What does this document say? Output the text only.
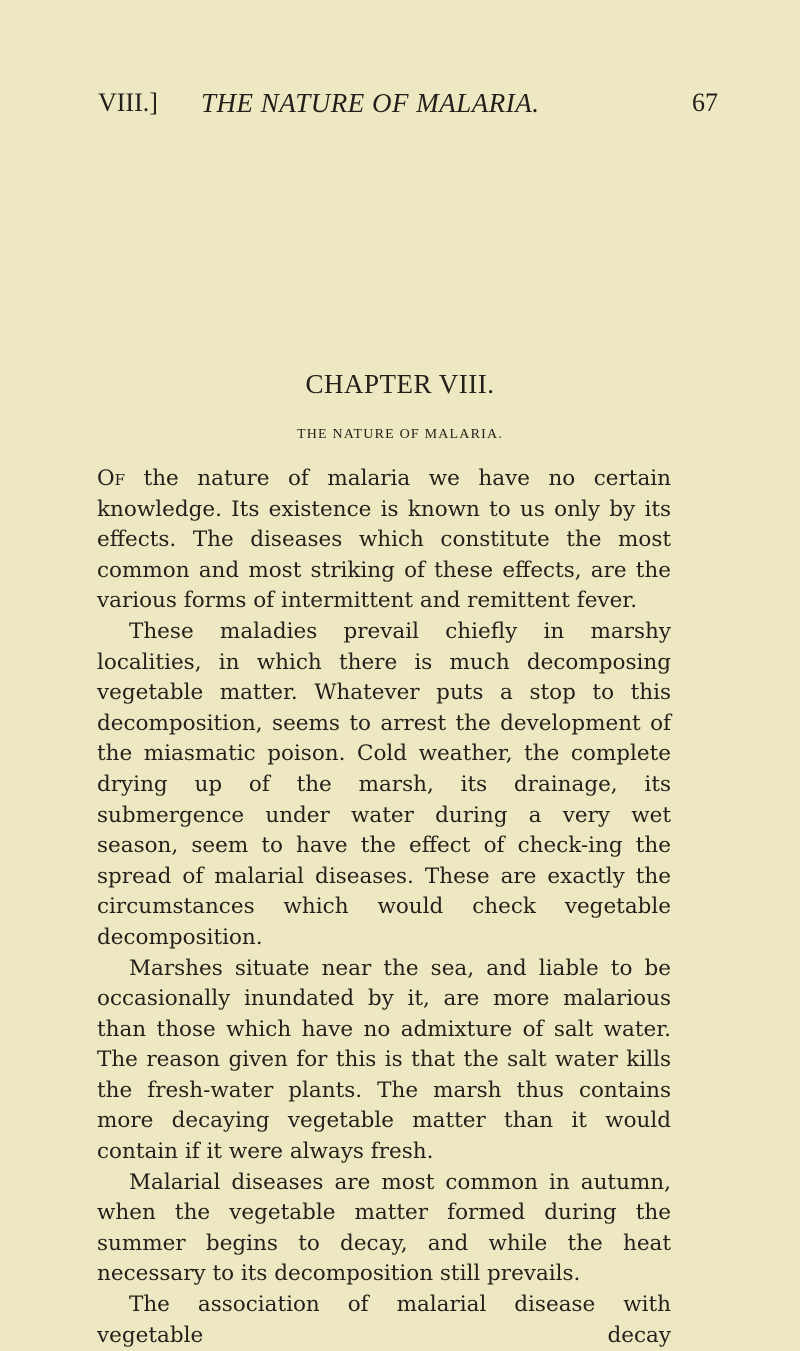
VIII.] THE NATURE OF MALARIA.	67
CHAPTER VIII.
THE NATURE OF MALARIA.

Of the nature of malaria we have no certain knowledge. Its existence is known to us only by its effects. The diseases which constitute the most common and most striking of these effects, are the various forms of intermittent and remittent fever.

These maladies prevail chiefly in marshy localities, in which there is much decomposing vegetable matter. Whatever puts a stop to this decomposition, seems to arrest the development of the miasmatic poison. Cold weather, the complete drying up of the marsh, its drainage, its submergence under water during a very wet season, seem to have the effect of check-ing the spread of malarial diseases. These are exactly the circumstances which would check vegetable decomposition.

Marshes situate near the sea, and liable to be occasionally inundated by it, are more malarious than those which have no admixture of salt water. The reason given for this is that the salt water kills the fresh-water plants. The marsh thus contains more decaying vegetable matter than it would contain if it were always fresh.

Malarial diseases are most common in autumn, when the vegetable matter formed during the summer begins to decay, and while the heat necessary to its decomposition still prevails.

The association of malarial disease with vegetable decay
